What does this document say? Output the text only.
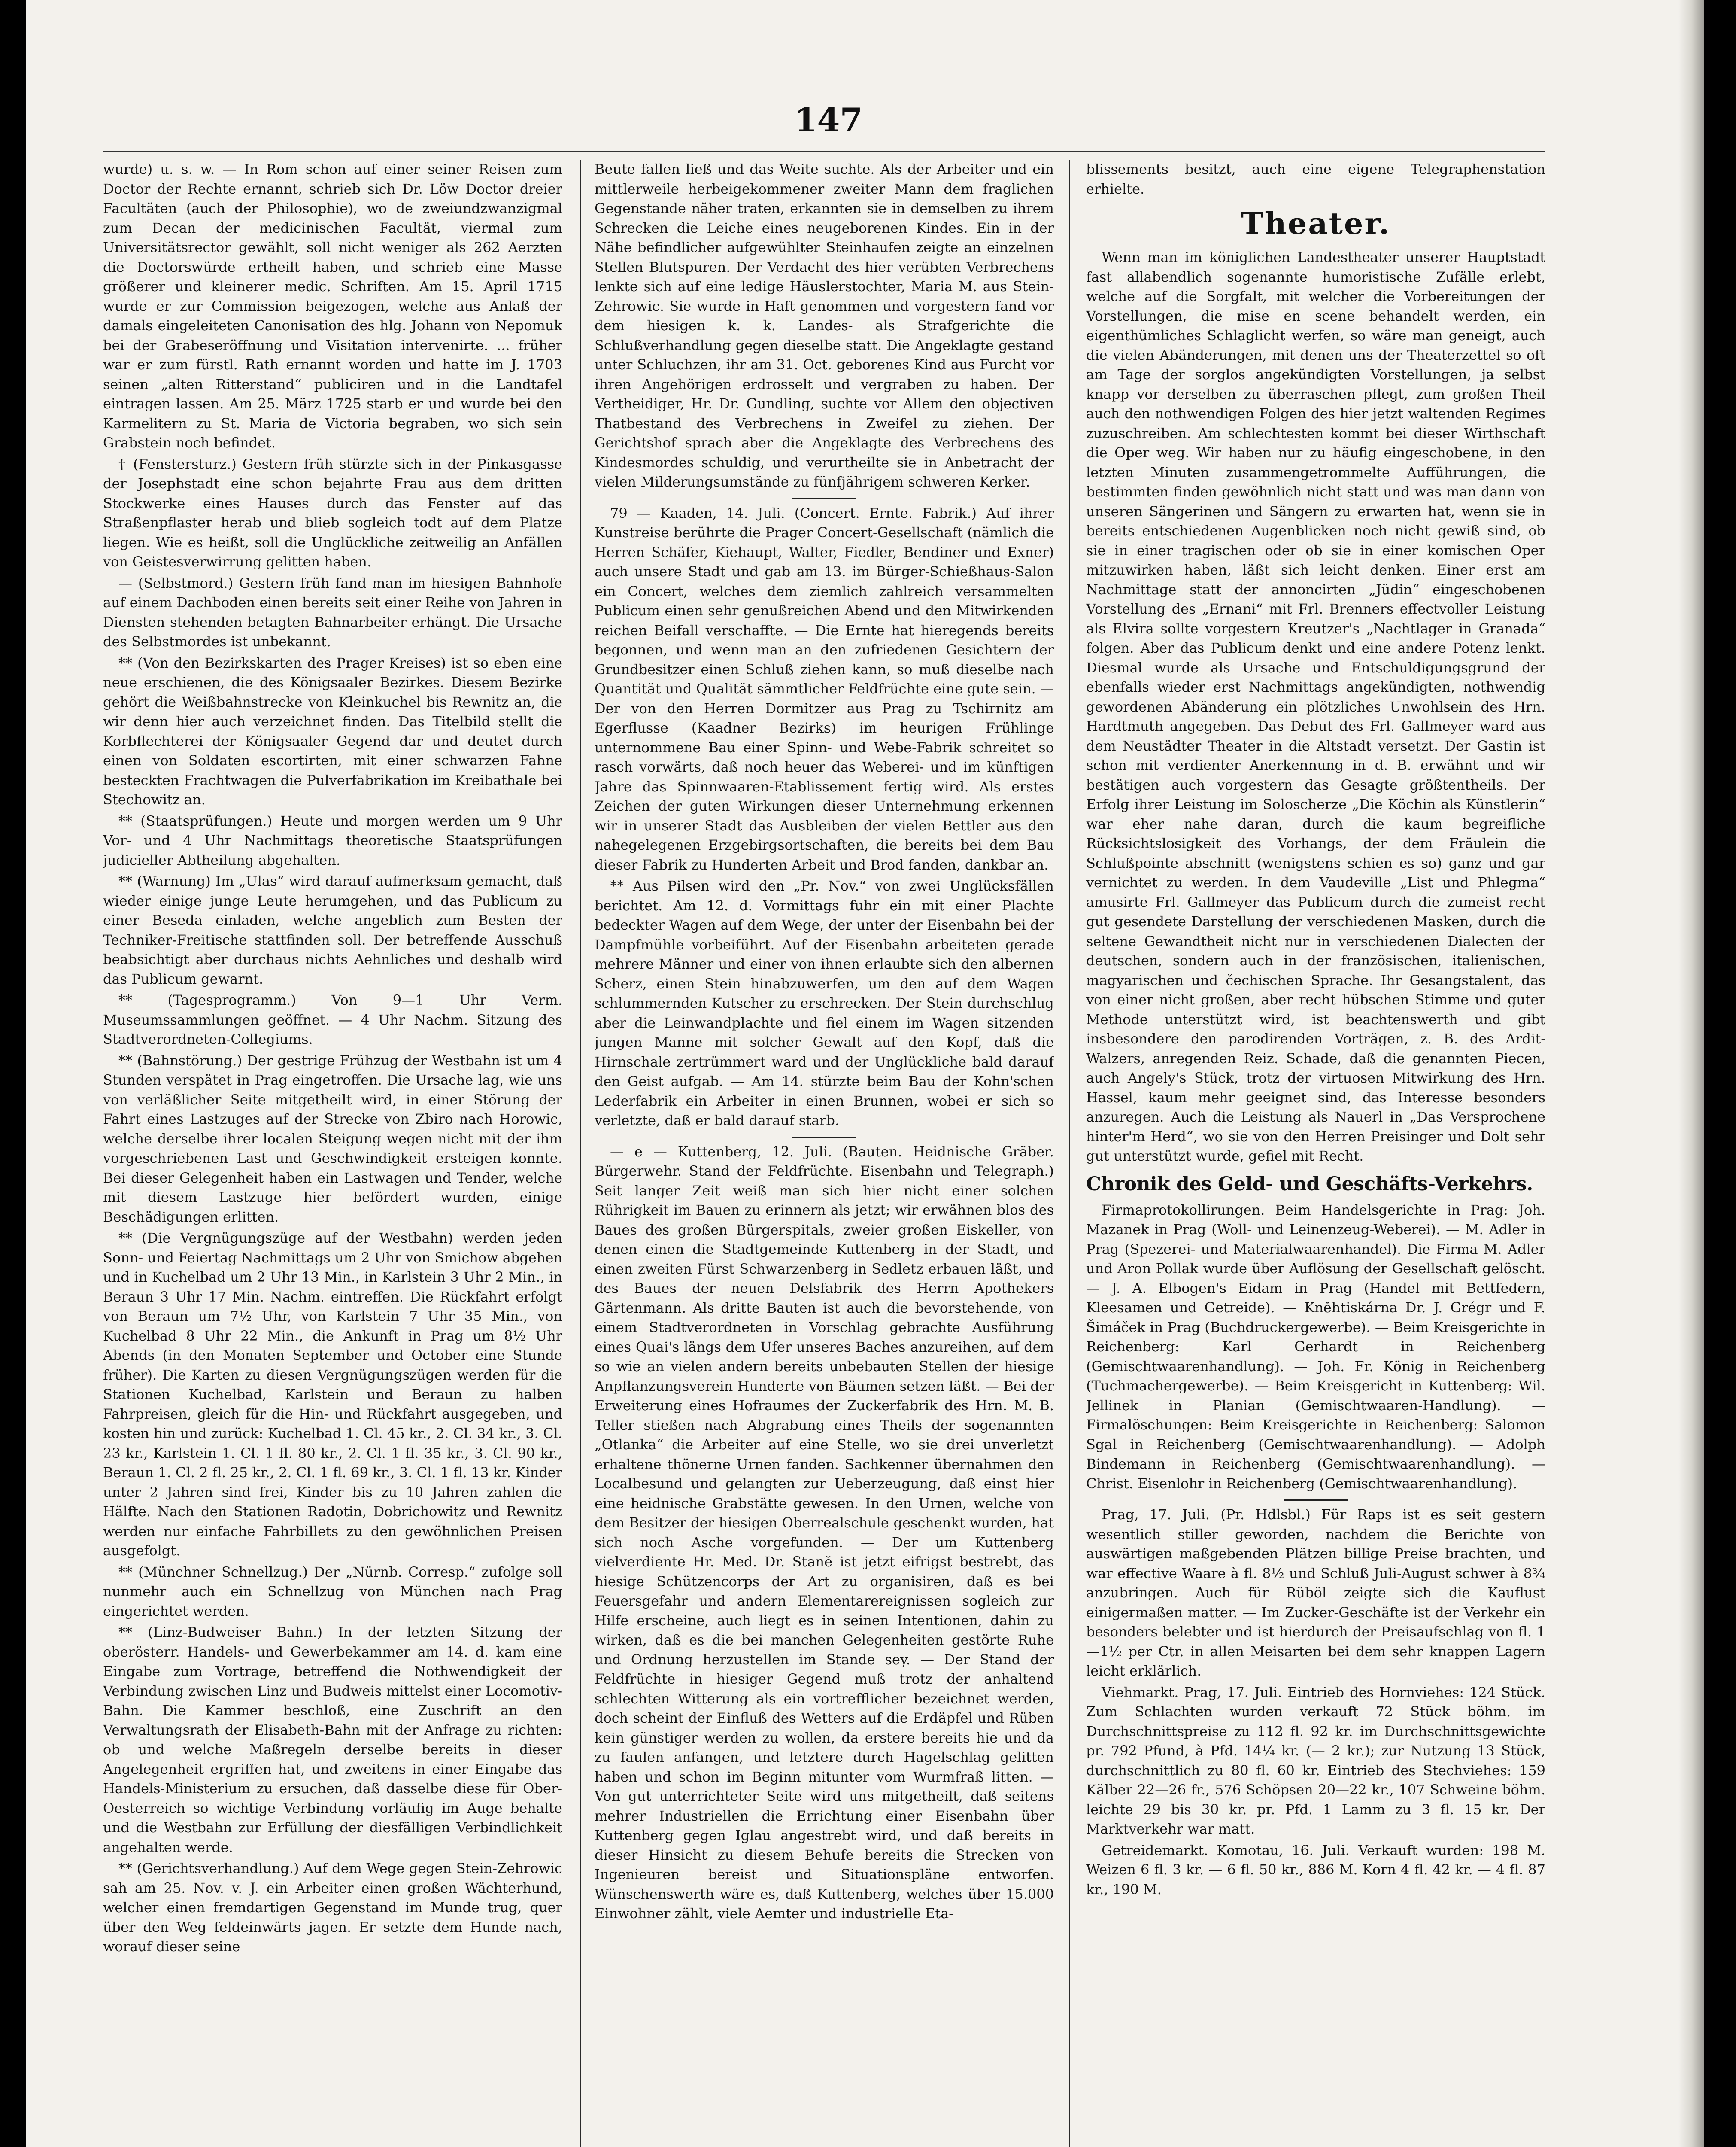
147

wurde) u. s. w. — In Rom schon auf einer seiner Reisen zum Doctor der Rechte ernannt, schrieb sich Dr. Löw Doctor dreier Facultäten (auch der Philosophie), wo de zweiundzwanzigmal zum Decan der medicinischen Facultät, viermal zum Universitätsrector gewählt, soll nicht weniger als 262 Aerzten die Doctorswürde ertheilt haben, und schrieb eine Masse größerer und kleinerer medic. Schriften. Am 15. April 1715 wurde er zur Commission beigezogen, welche aus Anlaß der damals eingeleiteten Canonisation des hlg. Johann von Nepomuk bei der Grabeseröffnung und Visitation intervenirte. ... früher war er zum fürstl. Rath ernannt worden und hatte im J. 1703 seinen „alten Ritterstand“ publiciren und in die Landtafel eintragen lassen. Am 25. März 1725 starb er und wurde bei den Karmelitern zu St. Maria de Victoria begraben, wo sich sein Grabstein noch befindet.

† (Fenstersturz.) Gestern früh stürzte sich in der Pinkasgasse der Josephstadt eine schon bejahrte Frau aus dem dritten Stockwerke eines Hauses durch das Fenster auf das Straßenpflaster herab und blieb sogleich todt auf dem Platze liegen. Wie es heißt, soll die Unglückliche zeitweilig an Anfällen von Geistesverwirrung gelitten haben.

— (Selbstmord.) Gestern früh fand man im hiesigen Bahnhofe auf einem Dachboden einen bereits seit einer Reihe von Jahren in Diensten stehenden betagten Bahnarbeiter erhängt. Die Ursache des Selbstmordes ist unbekannt.

** (Von den Bezirkskarten des Prager Kreises) ist so eben eine neue erschienen, die des Königsaaler Bezirkes. Diesem Bezirke gehört die Weißbahnstrecke von Kleinkuchel bis Rewnitz an, die wir denn hier auch verzeichnet finden. Das Titelbild stellt die Korbflechterei der Königsaaler Gegend dar und deutet durch einen von Soldaten escortirten, mit einer schwarzen Fahne besteckten Frachtwagen die Pulverfabrikation im Kreibathale bei Stechowitz an.

** (Staatsprüfungen.) Heute und morgen werden um 9 Uhr Vor- und 4 Uhr Nachmittags theoretische Staatsprüfungen judicieller Abtheilung abgehalten.

** (Warnung) Im „Ulas“ wird darauf aufmerksam gemacht, daß wieder einige junge Leute herumgehen, und das Publicum zu einer Beseda einladen, welche angeblich zum Besten der Techniker-Freitische stattfinden soll. Der betreffende Ausschuß beabsichtigt aber durchaus nichts Aehnliches und deshalb wird das Publicum gewarnt.

** (Tagesprogramm.) Von 9—1 Uhr Verm. Museumssammlungen geöffnet. — 4 Uhr Nachm. Sitzung des Stadtverordneten-Collegiums.

** (Bahnstörung.) Der gestrige Frühzug der Westbahn ist um 4 Stunden verspätet in Prag eingetroffen. Die Ursache lag, wie uns von verläßlicher Seite mitgetheilt wird, in einer Störung der Fahrt eines Lastzuges auf der Strecke von Zbiro nach Horowic, welche derselbe ihrer localen Steigung wegen nicht mit der ihm vorgeschriebenen Last und Geschwindigkeit ersteigen konnte. Bei dieser Gelegenheit haben ein Lastwagen und Tender, welche mit diesem Lastzuge hier befördert wurden, einige Beschädigungen erlitten.

** (Die Vergnügungszüge auf der Westbahn) werden jeden Sonn- und Feiertag Nachmittags um 2 Uhr von Smichow abgehen und in Kuchelbad um 2 Uhr 13 Min., in Karlstein 3 Uhr 2 Min., in Beraun 3 Uhr 17 Min. Nachm. eintreffen. Die Rückfahrt erfolgt von Beraun um 7½ Uhr, von Karlstein 7 Uhr 35 Min., von Kuchelbad 8 Uhr 22 Min., die Ankunft in Prag um 8½ Uhr Abends (in den Monaten September und October eine Stunde früher). Die Karten zu diesen Vergnügungszügen werden für die Stationen Kuchelbad, Karlstein und Beraun zu halben Fahrpreisen, gleich für die Hin- und Rückfahrt ausgegeben, und kosten hin und zurück: Kuchelbad 1. Cl. 45 kr., 2. Cl. 34 kr., 3. Cl. 23 kr., Karlstein 1. Cl. 1 fl. 80 kr., 2. Cl. 1 fl. 35 kr., 3. Cl. 90 kr., Beraun 1. Cl. 2 fl. 25 kr., 2. Cl. 1 fl. 69 kr., 3. Cl. 1 fl. 13 kr. Kinder unter 2 Jahren sind frei, Kinder bis zu 10 Jahren zahlen die Hälfte. Nach den Stationen Radotin, Dobrichowitz und Rewnitz werden nur einfache Fahrbillets zu den gewöhnlichen Preisen ausgefolgt.

** (Münchner Schnellzug.) Der „Nürnb. Corresp.“ zufolge soll nunmehr auch ein Schnellzug von München nach Prag eingerichtet werden.

** (Linz-Budweiser Bahn.) In der letzten Sitzung der oberösterr. Handels- und Gewerbekammer am 14. d. kam eine Eingabe zum Vortrage, betreffend die Nothwendigkeit der Verbindung zwischen Linz und Budweis mittelst einer Locomotiv-Bahn. Die Kammer beschloß, eine Zuschrift an den Verwaltungsrath der Elisabeth-Bahn mit der Anfrage zu richten: ob und welche Maßregeln derselbe bereits in dieser Angelegenheit ergriffen hat, und zweitens in einer Eingabe das Handels-Ministerium zu ersuchen, daß dasselbe diese für Ober-Oesterreich so wichtige Verbindung vorläufig im Auge behalte und die Westbahn zur Erfüllung der diesfälligen Verbindlichkeit angehalten werde.

** (Gerichtsverhandlung.) Auf dem Wege gegen Stein-Zehrowic sah am 25. Nov. v. J. ein Arbeiter einen großen Wächterhund, welcher einen fremdartigen Gegenstand im Munde trug, quer über den Weg feldeinwärts jagen. Er setzte dem Hunde nach, worauf dieser seine

Beute fallen ließ und das Weite suchte. Als der Arbeiter und ein mittlerweile herbeigekommener zweiter Mann dem fraglichen Gegenstande näher traten, erkannten sie in demselben zu ihrem Schrecken die Leiche eines neugeborenen Kindes. Ein in der Nähe befindlicher aufgewühlter Steinhaufen zeigte an einzelnen Stellen Blutspuren. Der Verdacht des hier verübten Verbrechens lenkte sich auf eine ledige Häuslerstochter, Maria M. aus Stein-Zehrowic. Sie wurde in Haft genommen und vorgestern fand vor dem hiesigen k. k. Landes- als Strafgerichte die Schlußverhandlung gegen dieselbe statt. Die Angeklagte gestand unter Schluchzen, ihr am 31. Oct. geborenes Kind aus Furcht vor ihren Angehörigen erdrosselt und vergraben zu haben. Der Vertheidiger, Hr. Dr. Gundling, suchte vor Allem den objectiven Thatbestand des Verbrechens in Zweifel zu ziehen. Der Gerichtshof sprach aber die Angeklagte des Verbrechens des Kindesmordes schuldig, und verurtheilte sie in Anbetracht der vielen Milderungsumstände zu fünfjährigem schweren Kerker.

79 — Kaaden, 14. Juli. (Concert. Ernte. Fabrik.) Auf ihrer Kunstreise berührte die Prager Concert-Gesellschaft (nämlich die Herren Schäfer, Kiehaupt, Walter, Fiedler, Bendiner und Exner) auch unsere Stadt und gab am 13. im Bürger-Schießhaus-Salon ein Concert, welches dem ziemlich zahlreich versammelten Publicum einen sehr genußreichen Abend und den Mitwirkenden reichen Beifall verschaffte. — Die Ernte hat hieregends bereits begonnen, und wenn man an den zufriedenen Gesichtern der Grundbesitzer einen Schluß ziehen kann, so muß dieselbe nach Quantität und Qualität sämmtlicher Feldfrüchte eine gute sein. — Der von den Herren Dormitzer aus Prag zu Tschirnitz am Egerflusse (Kaadner Bezirks) im heurigen Frühlinge unternommene Bau einer Spinn- und Webe-Fabrik schreitet so rasch vorwärts, daß noch heuer das Weberei- und im künftigen Jahre das Spinnwaaren-Etablissement fertig wird. Als erstes Zeichen der guten Wirkungen dieser Unternehmung erkennen wir in unserer Stadt das Ausbleiben der vielen Bettler aus den nahegelegenen Erzgebirgsortschaften, die bereits bei dem Bau dieser Fabrik zu Hunderten Arbeit und Brod fanden, dankbar an.

** Aus Pilsen wird den „Pr. Nov.“ von zwei Unglücksfällen berichtet. Am 12. d. Vormittags fuhr ein mit einer Plachte bedeckter Wagen auf dem Wege, der unter der Eisenbahn bei der Dampfmühle vorbeiführt. Auf der Eisenbahn arbeiteten gerade mehrere Männer und einer von ihnen erlaubte sich den albernen Scherz, einen Stein hinabzuwerfen, um den auf dem Wagen schlummernden Kutscher zu erschrecken. Der Stein durchschlug aber die Leinwandplachte und fiel einem im Wagen sitzenden jungen Manne mit solcher Gewalt auf den Kopf, daß die Hirnschale zertrümmert ward und der Unglückliche bald darauf den Geist aufgab. — Am 14. stürzte beim Bau der Kohn'schen Lederfabrik ein Arbeiter in einen Brunnen, wobei er sich so verletzte, daß er bald darauf starb.

— e — Kuttenberg, 12. Juli. (Bauten. Heidnische Gräber. Bürgerwehr. Stand der Feldfrüchte. Eisenbahn und Telegraph.) Seit langer Zeit weiß man sich hier nicht einer solchen Rührigkeit im Bauen zu erinnern als jetzt; wir erwähnen blos des Baues des großen Bürgerspitals, zweier großen Eiskeller, von denen einen die Stadtgemeinde Kuttenberg in der Stadt, und einen zweiten Fürst Schwarzenberg in Sedletz erbauen läßt, und des Baues der neuen Delsfabrik des Herrn Apothekers Gärtenmann. Als dritte Bauten ist auch die bevorstehende, von einem Stadtverordneten in Vorschlag gebrachte Ausführung eines Quai's längs dem Ufer unseres Baches anzureihen, auf dem so wie an vielen andern bereits unbebauten Stellen der hiesige Anpflanzungsverein Hunderte von Bäumen setzen läßt. — Bei der Erweiterung eines Hofraumes der Zuckerfabrik des Hrn. M. B. Teller stießen nach Abgrabung eines Theils der sogenannten „Otlanka“ die Arbeiter auf eine Stelle, wo sie drei unverletzt erhaltene thönerne Urnen fanden. Sachkenner übernahmen den Localbesund und gelangten zur Ueberzeugung, daß einst hier eine heidnische Grabstätte gewesen. In den Urnen, welche von dem Besitzer der hiesigen Oberrealschule geschenkt wurden, hat sich noch Asche vorgefunden. — Der um Kuttenberg vielverdiente Hr. Med. Dr. Stanĕ ist jetzt eifrigst bestrebt, das hiesige Schützencorps der Art zu organisiren, daß es bei Feuersgefahr und andern Elementarereignissen sogleich zur Hilfe erscheine, auch liegt es in seinen Intentionen, dahin zu wirken, daß es die bei manchen Gelegenheiten gestörte Ruhe und Ordnung herzustellen im Stande sey. — Der Stand der Feldfrüchte in hiesiger Gegend muß trotz der anhaltend schlechten Witterung als ein vortrefflicher bezeichnet werden, doch scheint der Einfluß des Wetters auf die Erdäpfel und Rüben kein günstiger werden zu wollen, da erstere bereits hie und da zu faulen anfangen, und letztere durch Hagelschlag gelitten haben und schon im Beginn mitunter vom Wurmfraß litten. — Von gut unterrichteter Seite wird uns mitgetheilt, daß seitens mehrer Industriellen die Errichtung einer Eisenbahn über Kuttenberg gegen Iglau angestrebt wird, und daß bereits in dieser Hinsicht zu diesem Behufe bereits die Strecken von Ingenieuren bereist und Situationspläne entworfen. Wünschenswerth wäre es, daß Kuttenberg, welches über 15.000 Einwohner zählt, viele Aemter und industrielle Eta-

blissements besitzt, auch eine eigene Telegraphenstation erhielte.

Theater.

Wenn man im königlichen Landestheater unserer Hauptstadt fast allabendlich sogenannte humoristische Zufälle erlebt, welche auf die Sorgfalt, mit welcher die Vorbereitungen der Vorstellungen, die mise en scene behandelt werden, ein eigenthümliches Schlaglicht werfen, so wäre man geneigt, auch die vielen Abänderungen, mit denen uns der Theaterzettel so oft am Tage der sorglos angekündigten Vorstellungen, ja selbst knapp vor derselben zu überraschen pflegt, zum großen Theil auch den nothwendigen Folgen des hier jetzt waltenden Regimes zuzuschreiben. Am schlechtesten kommt bei dieser Wirthschaft die Oper weg. Wir haben nur zu häufig eingeschobene, in den letzten Minuten zusammengetrommelte Aufführungen, die bestimmten finden gewöhnlich nicht statt und was man dann von unseren Sängerinen und Sängern zu erwarten hat, wenn sie in bereits entschiedenen Augenblicken noch nicht gewiß sind, ob sie in einer tragischen oder ob sie in einer komischen Oper mitzuwirken haben, läßt sich leicht denken. Einer erst am Nachmittage statt der annoncirten „Jüdin“ eingeschobenen Vorstellung des „Ernani“ mit Frl. Brenners effectvoller Leistung als Elvira sollte vorgestern Kreutzer's „Nachtlager in Granada“ folgen. Aber das Publicum denkt und eine andere Potenz lenkt. Diesmal wurde als Ursache und Entschuldigungsgrund der ebenfalls wieder erst Nachmittags angekündigten, nothwendig gewordenen Abänderung ein plötzliches Unwohlsein des Hrn. Hardtmuth angegeben. Das Debut des Frl. Gallmeyer ward aus dem Neustädter Theater in die Altstadt versetzt. Der Gastin ist schon mit verdienter Anerkennung in d. B. erwähnt und wir bestätigen auch vorgestern das Gesagte größtentheils. Der Erfolg ihrer Leistung im Soloscherze „Die Köchin als Künstlerin“ war eher nahe daran, durch die kaum begreifliche Rücksichtslosigkeit des Vorhangs, der dem Fräulein die Schlußpointe abschnitt (wenigstens schien es so) ganz und gar vernichtet zu werden. In dem Vaudeville „List und Phlegma“ amusirte Frl. Gallmeyer das Publicum durch die zumeist recht gut gesendete Darstellung der verschiedenen Masken, durch die seltene Gewandtheit nicht nur in verschiedenen Dialecten der deutschen, sondern auch in der französischen, italienischen, magyarischen und čechischen Sprache. Ihr Gesangstalent, das von einer nicht großen, aber recht hübschen Stimme und guter Methode unterstützt wird, ist beachtenswerth und gibt insbesondere den parodirenden Vorträgen, z. B. des Ardit-Walzers, anregenden Reiz. Schade, daß die genannten Piecen, auch Angely's Stück, trotz der virtuosen Mitwirkung des Hrn. Hassel, kaum mehr geeignet sind, das Interesse besonders anzuregen. Auch die Leistung als Nauerl in „Das Versprochene hinter'm Herd“, wo sie von den Herren Preisinger und Dolt sehr gut unterstützt wurde, gefiel mit Recht.

Chronik des Geld- und Geschäfts-Verkehrs.

Firmaprotokollirungen. Beim Handelsgerichte in Prag: Joh. Mazanek in Prag (Woll- und Leinenzeug-Weberei). — M. Adler in Prag (Spezerei- und Materialwaarenhandel). Die Firma M. Adler und Aron Pollak wurde über Auflösung der Gesellschaft gelöscht. — J. A. Elbogen's Eidam in Prag (Handel mit Bettfedern, Kleesamen und Getreide). — Knĕhtiskárna Dr. J. Grégr und F. Šimáček in Prag (Buchdruckergewerbe). — Beim Kreisgerichte in Reichenberg: Karl Gerhardt in Reichenberg (Gemischtwaarenhandlung). — Joh. Fr. König in Reichenberg (Tuchmachergewerbe). — Beim Kreisgericht in Kuttenberg: Wil. Jellinek in Planian (Gemischtwaaren-Handlung). — Firmalöschungen: Beim Kreisgerichte in Reichenberg: Salomon Sgal in Reichenberg (Gemischtwaarenhandlung). — Adolph Bindemann in Reichenberg (Gemischtwaarenhandlung). — Christ. Eisenlohr in Reichenberg (Gemischtwaarenhandlung).

Prag, 17. Juli. (Pr. Hdlsbl.) Für Raps ist es seit gestern wesentlich stiller geworden, nachdem die Berichte von auswärtigen maßgebenden Plätzen billige Preise brachten, und war effective Waare à fl. 8½ und Schluß Juli-August schwer à 8¾ anzubringen. Auch für Rüböl zeigte sich die Kauflust einigermaßen matter. — Im Zucker-Geschäfte ist der Verkehr ein besonders belebter und ist hierdurch der Preisaufschlag von fl. 1—1½ per Ctr. in allen Meisarten bei dem sehr knappen Lagern leicht erklärlich.

Viehmarkt. Prag, 17. Juli. Eintrieb des Hornviehes: 124 Stück. Zum Schlachten wurden verkauft 72 Stück böhm. im Durchschnittspreise zu 112 fl. 92 kr. im Durchschnittsgewichte pr. 792 Pfund, à Pfd. 14¼ kr. (— 2 kr.); zur Nutzung 13 Stück, durchschnittlich zu 80 fl. 60 kr. Eintrieb des Stechviehes: 159 Kälber 22—26 fr., 576 Schöpsen 20—22 kr., 107 Schweine böhm. leichte 29 bis 30 kr. pr. Pfd. 1 Lamm zu 3 fl. 15 kr. Der Marktverkehr war matt.

Getreidemarkt. Komotau, 16. Juli. Verkauft wurden: 198 M. Weizen 6 fl. 3 kr. — 6 fl. 50 kr., 886 M. Korn 4 fl. 42 kr. — 4 fl. 87 kr., 190 M.
